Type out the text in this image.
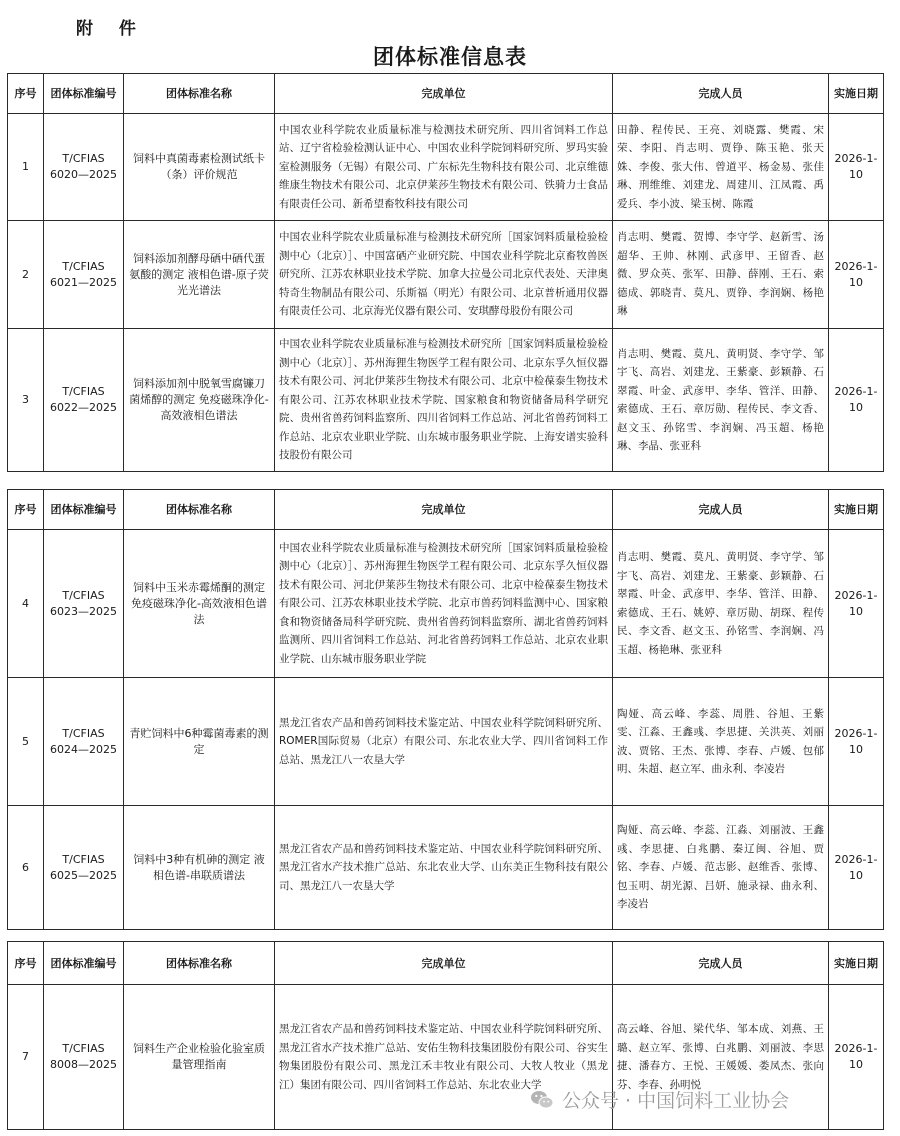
附 件
团体标准信息表
序号	团体标准编号	团体标准名称	完成单位	完成人员	实施日期
1	T/CFIAS 6020—2025	饲料中真菌毒素检测试纸卡（条）评价规范	中国农业科学院农业质量标准与检测技术研究所、四川省饲料工作总站、辽宁省检验检测认证中心、中国农业科学院饲料研究所、罗玛实验室检测服务（无锡）有限公司、广东标先生物科技有限公司、北京维德维康生物技术有限公司、北京伊莱莎生物技术有限公司、铁骑力士食品有限责任公司、新希望畜牧科技有限公司	田静、程传民、王亮、刘晓露、樊霞、宋荣、李阳、肖志明、贾铮、陈玉艳、张天姝、李俊、张大伟、曾道平、杨金易、张佳琳、刑维维、刘建龙、周建川、江凤霞、禹爱兵、李小波、梁玉树、陈霞	2026-1-10
2	T/CFIAS 6021—2025	饲料添加剂酵母硒中硒代蛋氨酸的测定 液相色谱-原子荧光光谱法	中国农业科学院农业质量标准与检测技术研究所［国家饲料质量检验检测中心（北京）］、中国富硒产业研究院、中国农业科学院北京畜牧兽医研究所、江苏农林职业技术学院、加拿大拉曼公司北京代表处、天津奥特奇生物制品有限公司、乐斯福（明光）有限公司、北京普析通用仪器有限责任公司、北京海光仪器有限公司、安琪酵母股份有限公司	肖志明、樊霞、贺博、李守学、赵新雪、汤超华、王帅、林刚、武彦甲、王留香、赵微、罗众英、张军、田静、薛刚、王石、索德成、郭晓青、莫凡、贾铮、李润娴、杨艳琳	2026-1-10
3	T/CFIAS 6022—2025	饲料添加剂中脱氧雪腐镰刀菌烯醇的测定 免疫磁珠净化-高效液相色谱法	中国农业科学院农业质量标准与检测技术研究所［国家饲料质量检验检测中心（北京）］、苏州海狸生物医学工程有限公司、北京东孚久恒仪器技术有限公司、河北伊莱莎生物技术有限公司、北京中检葆泰生物技术有限公司、江苏农林职业技术学院、国家粮食和物资储备局科学研究院、贵州省兽药饲料监察所、四川省饲料工作总站、河北省兽药饲料工作总站、北京农业职业学院、山东城市服务职业学院、上海安谱实验科技股份有限公司	肖志明、樊霞、莫凡、黄明贤、李守学、邹宇飞、高岩、刘建龙、王紫豪、彭颖静、石翠霞、叶金、武彦甲、李华、管洋、田静、索德成、王石、章厉勋、程传民、李文香、赵文玉、孙铭雪、李润娴、冯玉超、杨艳琳、李晶、张亚科	2026-1-10
序号	团体标准编号	团体标准名称	完成单位	完成人员	实施日期
4	T/CFIAS 6023—2025	饲料中玉米赤霉烯酮的测定 免疫磁珠净化-高效液相色谱法	中国农业科学院农业质量标准与检测技术研究所［国家饲料质量检验检测中心（北京）］、苏州海狸生物医学工程有限公司、北京东孚久恒仪器技术有限公司、河北伊莱莎生物技术有限公司、北京中检葆泰生物技术有限公司、江苏农林职业技术学院、北京市兽药饲料监测中心、国家粮食和物资储备局科学研究院、贵州省兽药饲料监察所、湖北省兽药饲料监测所、四川省饲料工作总站、河北省兽药饲料工作总站、北京农业职业学院、山东城市服务职业学院	肖志明、樊霞、莫凡、黄明贤、李守学、邹宇飞、高岩、刘建龙、王紫豪、彭颖静、石翠霞、叶金、武彦甲、李华、管洋、田静、索德成、王石、姚婷、章厉勋、胡琛、程传民、李文香、赵文玉、孙铭雪、李润娴、冯玉超、杨艳琳、张亚科	2026-1-10
5	T/CFIAS 6024—2025	青贮饲料中6种霉菌毒素的测定	黑龙江省农产品和兽药饲料技术鉴定站、中国农业科学院饲料研究所、ROMER国际贸易（北京）有限公司、东北农业大学、四川省饲料工作总站、黑龙江八一农垦大学	陶娅、高云峰、李蕊、周胜、谷旭、王紫雯、江淼、王鑫彧、李思捷、关洪英、刘丽波、贾铭、王杰、张博、李春、卢媛、包郁明、朱超、赵立军、曲永利、李凌岩	2026-1-10
6	T/CFIAS 6025—2025	饲料中3种有机砷的测定 液相色谱-串联质谱法	黑龙江省农产品和兽药饲料技术鉴定站、中国农业科学院饲料研究所、黑龙江省水产技术推广总站、东北农业大学、山东美正生物科技有限公司、黑龙江八一农垦大学	陶娅、高云峰、李蕊、江淼、刘丽波、王鑫彧、李思捷、白兆鹏、秦辽闽、谷旭、贾铭、李春、卢媛、范志影、赵维香、张博、包玉明、胡光源、吕妍、施录禄、曲永利、李凌岩	2026-1-10
序号	团体标准编号	团体标准名称	完成单位	完成人员	实施日期
7	T/CFIAS 8008—2025	饲料生产企业检验化验室质量管理指南	黑龙江省农产品和兽药饲料技术鉴定站、中国农业科学院饲料研究所、黑龙江省水产技术推广总站、安佑生物科技集团股份有限公司、谷实生物集团股份有限公司、黑龙江禾丰牧业有限公司、大牧人牧业（黑龙江）集团有限公司、四川省饲料工作总站、东北农业大学	高云峰、谷旭、梁代华、邹本成、刘燕、王璐、赵立军、张博、白兆鹏、刘丽波、李思捷、潘春方、王悦、王媛媛、娄凤杰、张向芬、李春、孙明悦	2026-1-10
公众号 · 中国饲料工业协会
